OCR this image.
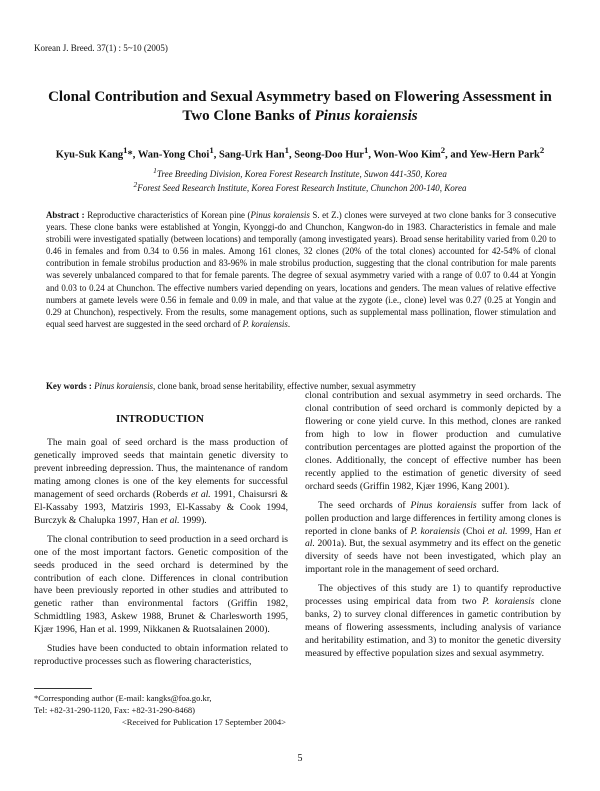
Korean J. Breed. 37(1) : 5~10 (2005)
Clonal Contribution and Sexual Asymmetry based on Flowering Assessment in
Two Clone Banks of Pinus koraiensis
Kyu-Suk Kang$^1$*, Wan-Yong Choi$^1$, Sang-Urk Han$^1$, Seong-Doo Hur$^1$, Won-Woo Kim$^2$, and Yew-Hern Park$^2$
$^1$Tree Breeding Division, Korea Forest Research Institute, Suwon 441-350, Korea
$^2$Forest Seed Research Institute, Korea Forest Research Institute, Chunchon 200-140, Korea
Abstract : Reproductive characteristics of Korean pine (Pinus koraiensis S. et Z.) clones were surveyed at two clone banks for 3 consecutive years. These clone banks were established at Yongin, Kyonggi-do and Chunchon, Kangwon-do in 1983. Characteristics in female and male strobili were investigated spatially (between locations) and temporally (among investigated years). Broad sense heritability varied from 0.20 to 0.46 in females and from 0.34 to 0.56 in males. Among 161 clones, 32 clones (20% of the total clones) accounted for 42-54% of clonal contribution in female strobilus production and 83-96% in male strobilus production, suggesting that the clonal contribution for male parents was severely unbalanced compared to that for female parents. The degree of sexual asymmetry varied with a range of 0.07 to 0.44 at Yongin and 0.03 to 0.24 at Chunchon. The effective numbers varied depending on years, locations and genders. The mean values of relative effective numbers at gamete levels were 0.56 in female and 0.09 in male, and that value at the zygote (i.e., clone) level was 0.27 (0.25 at Yongin and 0.29 at Chunchon), respectively. From the results, some management options, such as supplemental mass pollination, flower stimulation and equal seed harvest are suggested in the seed orchard of P. koraiensis.
Key words : Pinus koraiensis, clone bank, broad sense heritability, effective number, sexual asymmetry
INTRODUCTION

The main goal of seed orchard is the mass production of genetically improved seeds that maintain genetic diversity to prevent inbreeding depression. Thus, the maintenance of random mating among clones is one of the key elements for successful management of seed orchards (Roberds et al. 1991, Chaisursri & El-Kassaby 1993, Matziris 1993, El-Kassaby & Cook 1994, Burczyk & Chalupka 1997, Han et al. 1999).

The clonal contribution to seed production in a seed orchard is one of the most important factors. Genetic composition of the seeds produced in the seed orchard is determined by the contribution of each clone. Differences in clonal contribution have been previously reported in other studies and attributed to genetic rather than environmental factors (Griffin 1982, Schmidtling 1983, Askew 1988, Brunet & Charlesworth 1995, Kjær 1996, Han et al. 1999, Nikkanen & Ruotsalainen 2000).

Studies have been conducted to obtain information related to reproductive processes such as flowering characteristics,

clonal contribution and sexual asymmetry in seed orchards. The clonal contribution of seed orchard is commonly depicted by a flowering or cone yield curve. In this method, clones are ranked from high to low in flower production and cumulative contribution percentages are plotted against the proportion of the clones. Additionally, the concept of effective number has been recently applied to the estimation of genetic diversity of seed orchard seeds (Griffin 1982, Kjær 1996, Kang 2001).

The seed orchards of Pinus koraiensis suffer from lack of pollen production and large differences in fertility among clones is reported in clone banks of P. koraiensis (Choi et al. 1999, Han et al. 2001a). But, the sexual asymmetry and its effect on the genetic diversity of seeds have not been investigated, which play an important role in the management of seed orchard.

The objectives of this study are 1) to quantify reproductive processes using empirical data from two P. koraiensis clone banks, 2) to survey clonal differences in gametic contribution by means of flowering assessments, including analysis of variance and heritability estimation, and 3) to monitor the genetic diversity measured by effective population sizes and sexual asymmetry.

*Corresponding author (E-mail: kangks@foa.go.kr,
Tel: +82-31-290-1120, Fax: +82-31-290-8468)
<Received for Publication 17 September 2004>
5
